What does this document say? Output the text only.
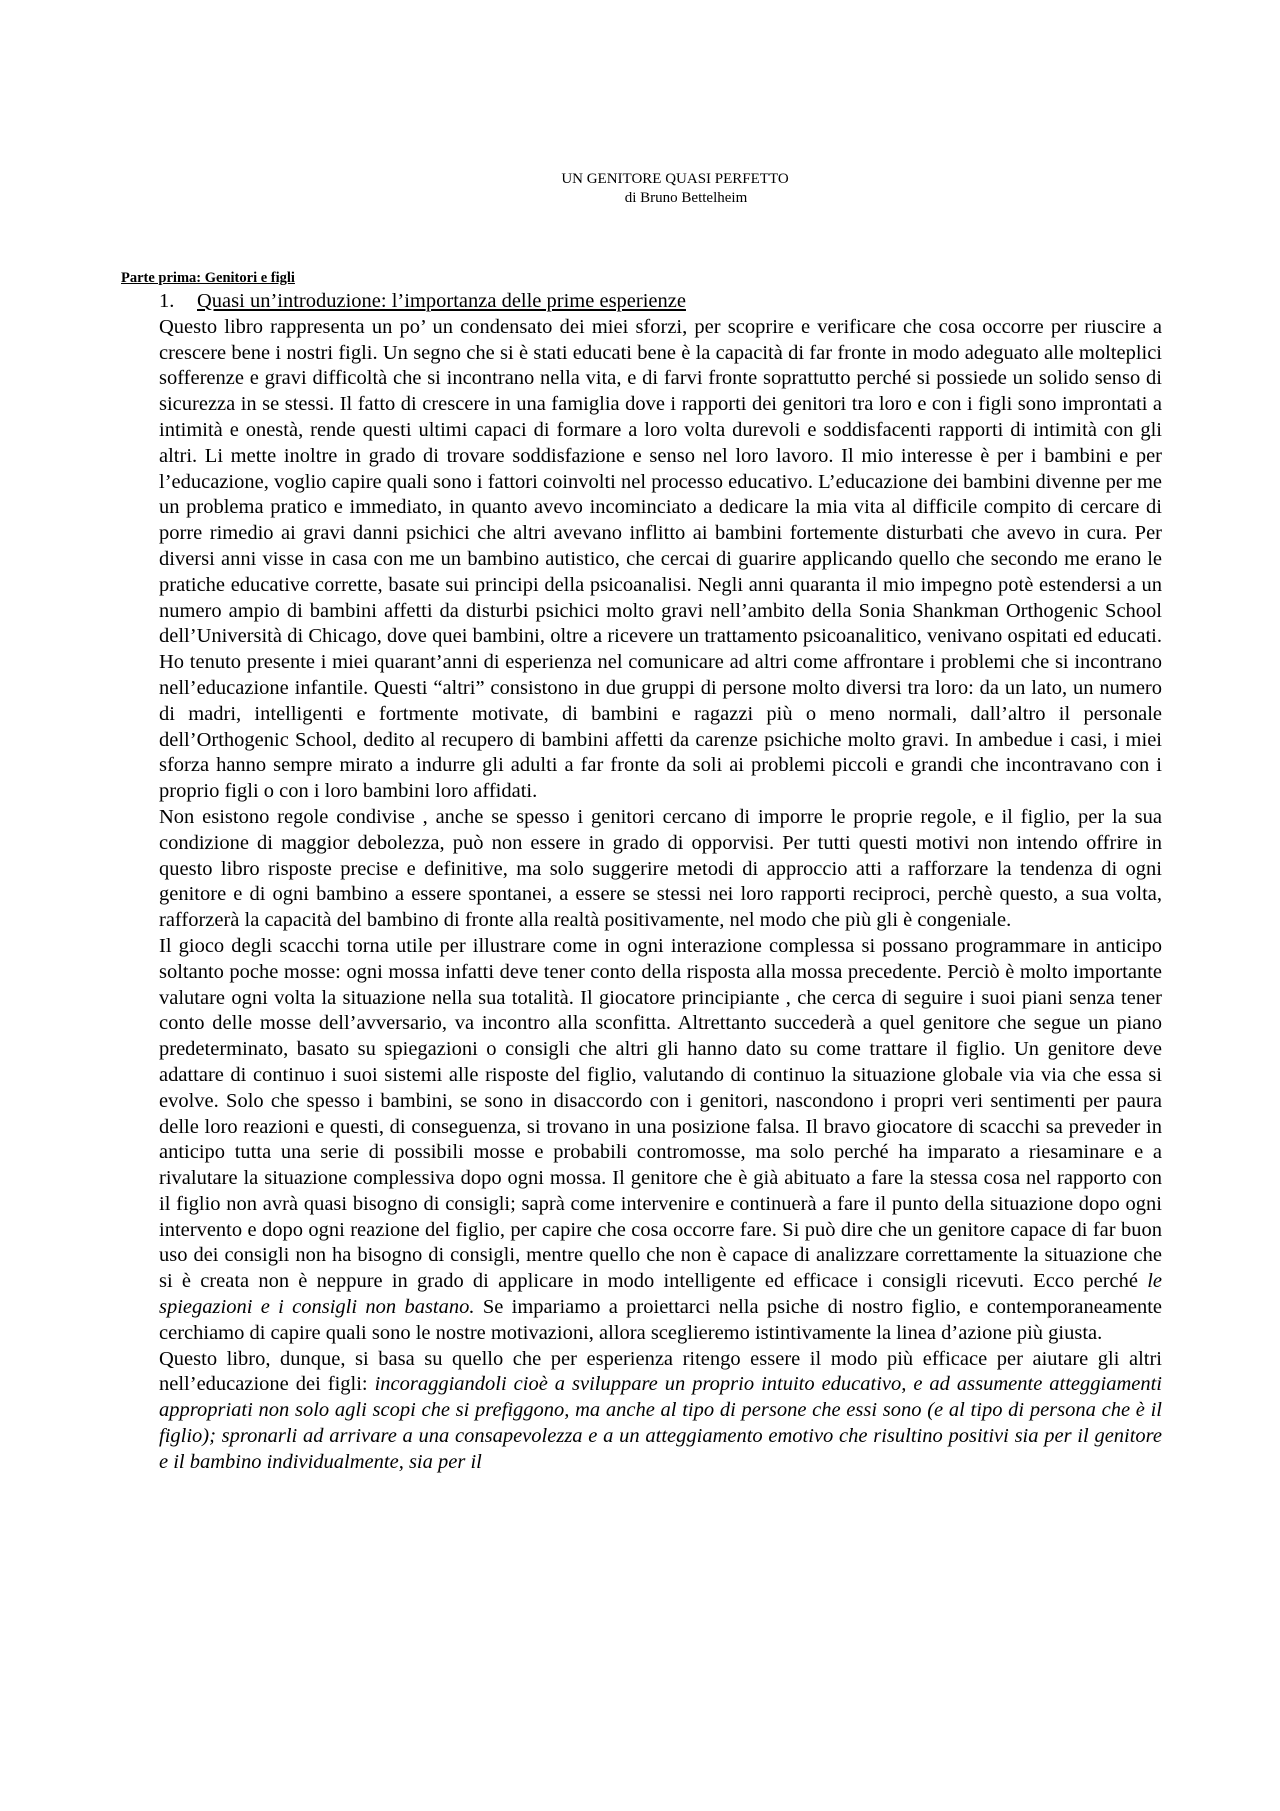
UN GENITORE QUASI PERFETTO
di Bruno Bettelheim
Parte prima: Genitori e figli
1.	Quasi un’introduzione: l’importanza delle prime esperienze

Questo libro rappresenta un po’ un condensato dei miei sforzi, per scoprire e verificare che cosa occorre per riuscire a crescere bene i nostri figli. Un segno che si è stati educati bene è la capacità di far fronte in modo adeguato alle molteplici sofferenze e gravi difficoltà che si incontrano nella vita, e di farvi fronte soprattutto perché si possiede un solido senso di sicurezza in se stessi. Il fatto di crescere in una famiglia dove i rapporti dei genitori tra loro e con i figli sono improntati a intimità e onestà, rende questi ultimi capaci di formare a loro volta durevoli e soddisfacenti rapporti di intimità con gli altri. Li mette inoltre in grado di trovare soddisfazione e senso nel loro lavoro. Il mio interesse è per i bambini e per l’educazione, voglio capire quali sono i fattori coinvolti nel processo educativo. L’educazione dei bambini divenne per me un problema pratico e immediato, in quanto avevo incominciato a dedicare la mia vita al difficile compito di cercare di porre rimedio ai gravi danni psichici che altri avevano inflitto ai bambini fortemente disturbati che avevo in cura. Per diversi anni visse in casa con me un bambino autistico, che cercai di guarire applicando quello che secondo me erano le pratiche educative corrette, basate sui principi della psicoanalisi. Negli anni quaranta il mio impegno potè estendersi a un numero ampio di bambini affetti da disturbi psichici molto gravi nell’ambito della Sonia Shankman Orthogenic School dell’Università di Chicago, dove quei bambini, oltre a ricevere un trattamento psicoanalitico, venivano ospitati ed educati. Ho tenuto presente i miei quarant’anni di esperienza nel comunicare ad altri come affrontare i problemi che si incontrano nell’educazione infantile. Questi “altri” consistono in due gruppi di persone molto diversi tra loro: da un lato, un numero di madri, intelligenti e fortmente motivate, di bambini e ragazzi più o meno normali, dall’altro il personale dell’Orthogenic School, dedito al recupero di bambini affetti da carenze psichiche molto gravi. In ambedue i casi, i miei sforza hanno sempre mirato a indurre gli adulti a far fronte da soli ai problemi piccoli e grandi che incontravano con i proprio figli o con i loro bambini loro affidati.

Non esistono regole condivise , anche se spesso i genitori cercano di imporre le proprie regole, e il figlio, per la sua condizione di maggior debolezza, può non essere in grado di opporvisi. Per tutti questi motivi non intendo offrire in questo libro risposte precise e definitive, ma solo suggerire metodi di approccio atti a rafforzare la tendenza di ogni genitore e di ogni bambino a essere spontanei, a essere se stessi nei loro rapporti reciproci, perchè questo, a sua volta, rafforzerà la capacità del bambino di fronte alla realtà positivamente, nel modo che più gli è congeniale.

Il gioco degli scacchi torna utile per illustrare come in ogni interazione complessa si possano programmare in anticipo soltanto poche mosse: ogni mossa infatti deve tener conto della risposta alla mossa precedente. Perciò è molto importante valutare ogni volta la situazione nella sua totalità. Il giocatore principiante , che cerca di seguire i suoi piani senza tener conto delle mosse dell’avversario, va incontro alla sconfitta. Altrettanto succederà a quel genitore che segue un piano predeterminato, basato su spiegazioni o consigli che altri gli hanno dato su come trattare il figlio. Un genitore deve adattare di continuo i suoi sistemi alle risposte del figlio, valutando di continuo la situazione globale via via che essa si evolve. Solo che spesso i bambini, se sono in disaccordo con i genitori, nascondono i propri veri sentimenti per paura delle loro reazioni e questi, di conseguenza, si trovano in una posizione falsa. Il bravo giocatore di scacchi sa preveder in anticipo tutta una serie di possibili mosse e probabili contromosse, ma solo perché ha imparato a riesaminare e a rivalutare la situazione complessiva dopo ogni mossa. Il genitore che è già abituato a fare la stessa cosa nel rapporto con il figlio non avrà quasi bisogno di consigli; saprà come intervenire e continuerà a fare il punto della situazione dopo ogni intervento e dopo ogni reazione del figlio, per capire che cosa occorre fare. Si può dire che un genitore capace di far buon uso dei consigli non ha bisogno di consigli, mentre quello che non è capace di analizzare correttamente la situazione che si è creata non è neppure in grado di applicare in modo intelligente ed efficace i consigli ricevuti. Ecco perché le spiegazioni e i consigli non bastano. Se impariamo a proiettarci nella psiche di nostro figlio, e contemporaneamente cerchiamo di capire quali sono le nostre motivazioni, allora sceglieremo istintivamente la linea d’azione più giusta.

Questo libro, dunque, si basa su quello che per esperienza ritengo essere il modo più efficace per aiutare gli altri nell’educazione dei figli: incoraggiandoli cioè a sviluppare un proprio intuito educativo, e ad assumente atteggiamenti appropriati non solo agli scopi che si prefiggono, ma anche al tipo di persone che essi sono (e al tipo di persona che è il figlio); spronarli ad arrivare a una consapevolezza e a un atteggiamento emotivo che risultino positivi sia per il genitore e il bambino individualmente, sia per il
